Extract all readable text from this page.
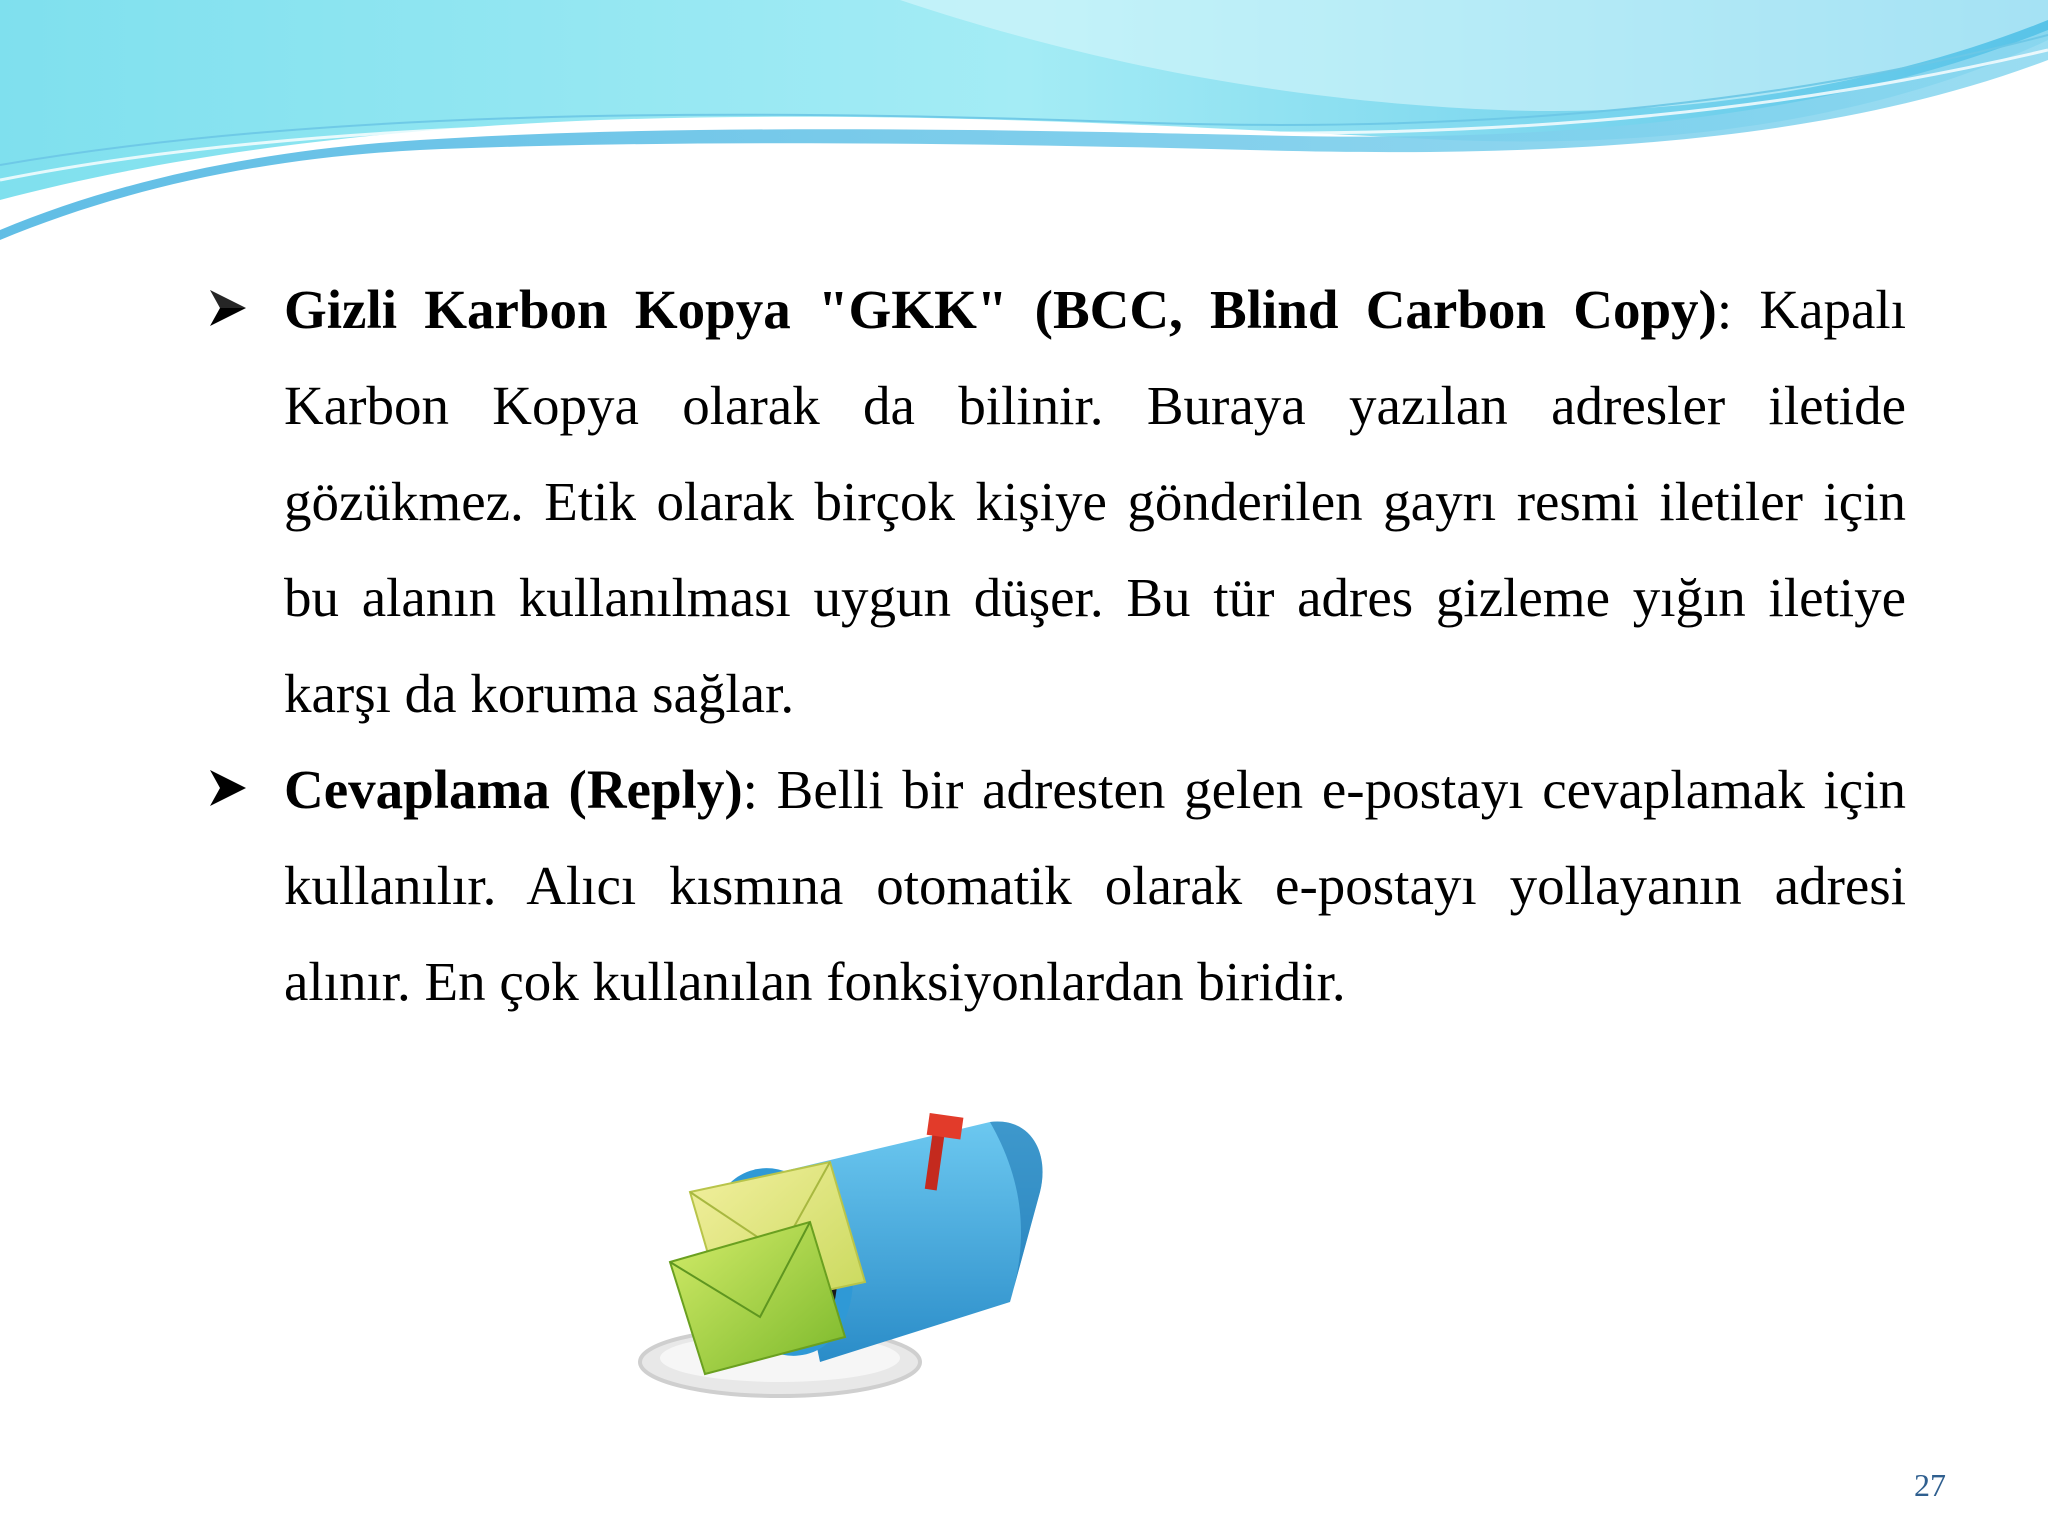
Gizli Karbon Kopya "GKK" (BCC, Blind Carbon Copy): Kapalı Karbon Kopya olarak da bilinir. Buraya yazılan adresler iletide gözükmez. Etik olarak birçok kişiye gönderilen gayrı resmi iletiler için bu alanın kullanılması uygun düşer. Bu tür adres gizleme yığın iletiye karşı da koruma sağlar.
Cevaplama (Reply): Belli bir adresten gelen e-postayı cevaplamak için kullanılır. Alıcı kısmına otomatik olarak e-postayı yollayanın adresi alınır. En çok kullanılan fonksiyonlardan biridir.
27
